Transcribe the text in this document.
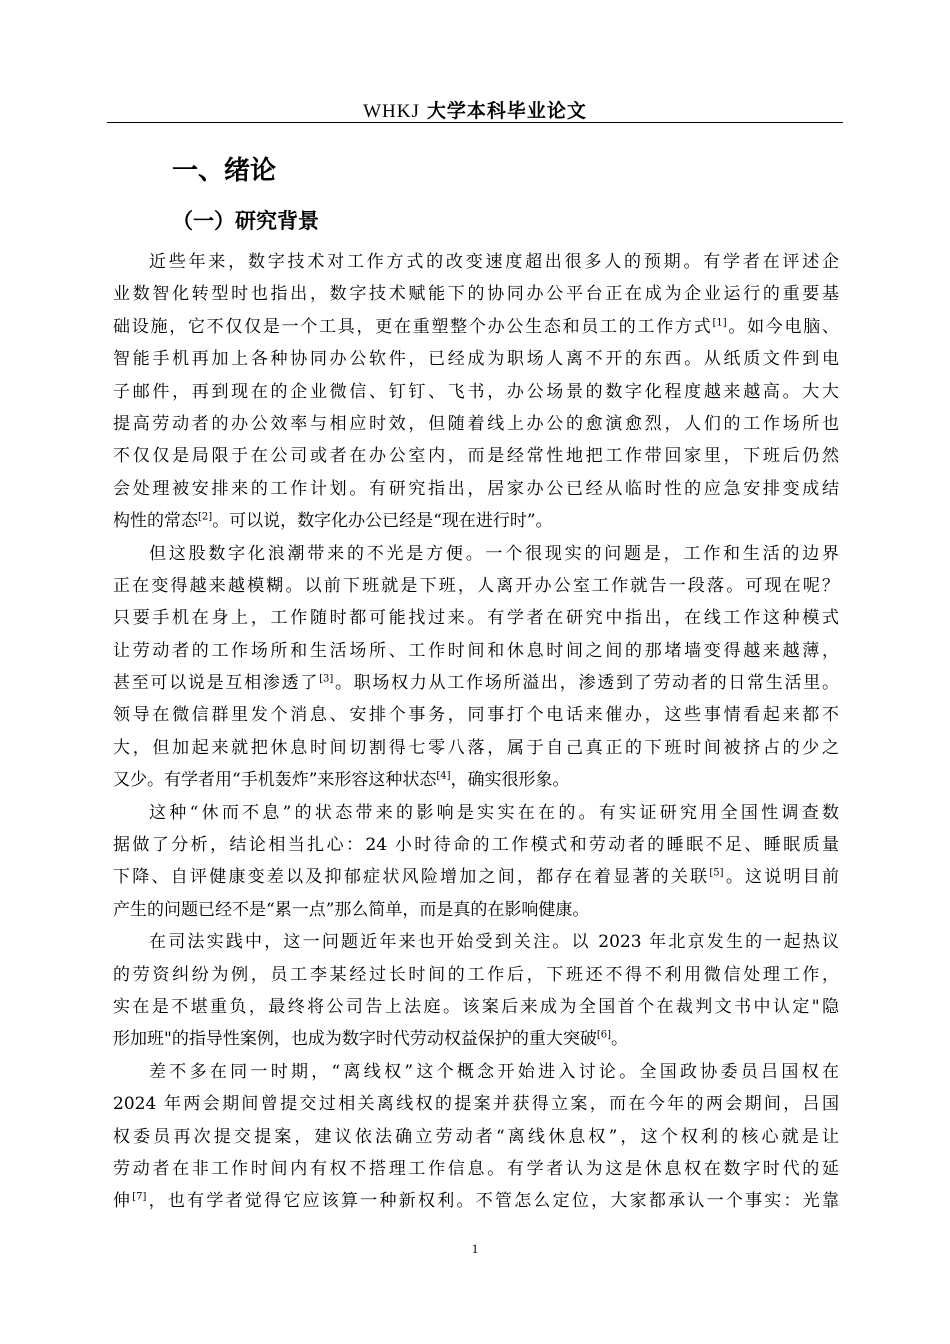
WHKJ 大学本科毕业论文
一、绪论
（一）研究背景
近些年来，数字技术对工作方式的改变速度超出很多人的预期。有学者在评述企
业数智化转型时也指出，数字技术赋能下的协同办公平台正在成为企业运行的重要基
础设施，它不仅仅是一个工具，更在重塑整个办公生态和员工的工作方式[1]。如今电脑、
智能手机再加上各种协同办公软件，已经成为职场人离不开的东西。从纸质文件到电
子邮件，再到现在的企业微信、钉钉、飞书，办公场景的数字化程度越来越高。大大
提高劳动者的办公效率与相应时效，但随着线上办公的愈演愈烈，人们的工作场所也
不仅仅是局限于在公司或者在办公室内，而是经常性地把工作带回家里，下班后仍然
会处理被安排来的工作计划。有研究指出，居家办公已经从临时性的应急安排变成结
构性的常态[2]。可以说，数字化办公已经是“现在进行时”。
但这股数字化浪潮带来的不光是方便。一个很现实的问题是，工作和生活的边界
正在变得越来越模糊。以前下班就是下班，人离开办公室工作就告一段落。可现在呢？
只要手机在身上，工作随时都可能找过来。有学者在研究中指出，在线工作这种模式
让劳动者的工作场所和生活场所、工作时间和休息时间之间的那堵墙变得越来越薄，
甚至可以说是互相渗透了[3]。职场权力从工作场所溢出，渗透到了劳动者的日常生活里。
领导在微信群里发个消息、安排个事务，同事打个电话来催办，这些事情看起来都不
大，但加起来就把休息时间切割得七零八落，属于自己真正的下班时间被挤占的少之
又少。有学者用“手机轰炸”来形容这种状态[4]，确实很形象。
这种“休而不息”的状态带来的影响是实实在在的。有实证研究用全国性调查数
据做了分析，结论相当扎心：24 小时待命的工作模式和劳动者的睡眠不足、睡眠质量
下降、自评健康变差以及抑郁症状风险增加之间，都存在着显著的关联[5]。这说明目前
产生的问题已经不是“累一点”那么简单，而是真的在影响健康。
在司法实践中，这一问题近年来也开始受到关注。以 2023 年北京发生的一起热议
的劳资纠纷为例，员工李某经过长时间的工作后，下班还不得不利用微信处理工作，
实在是不堪重负，最终将公司告上法庭。该案后来成为全国首个在裁判文书中认定"隐
形加班"的指导性案例，也成为数字时代劳动权益保护的重大突破[6]。
差不多在同一时期，“离线权”这个概念开始进入讨论。全国政协委员吕国权在
2024 年两会期间曾提交过相关离线权的提案并获得立案，而在今年的两会期间，吕国
权委员再次提交提案，建议依法确立劳动者“离线休息权”，这个权利的核心就是让
劳动者在非工作时间内有权不搭理工作信息。有学者认为这是休息权在数字时代的延
伸[7]，也有学者觉得它应该算一种新权利。不管怎么定位，大家都承认一个事实：光靠
1
